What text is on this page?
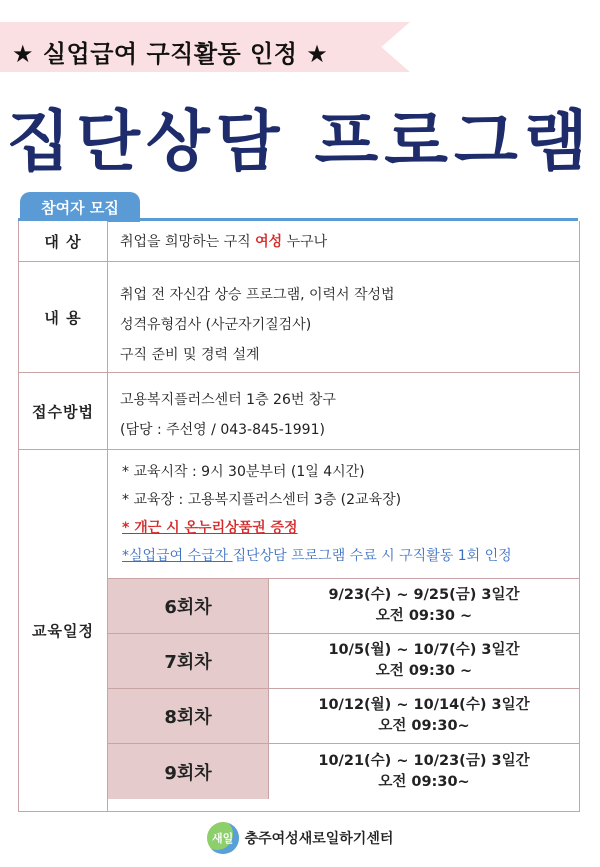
★ 실업급여 구직활동 인정 ★
집단상담 프로그램
참여자 모집
대 상	취업을 희망하는 구직 여성 누구나
내 용

취업 전 자신감 상승 프로그램, 이력서 작성법

성격유형검사 (사군자기질검사)

구직 준비 및 경력 설계

접수방법

고용복지플러스센터 1층 26번 창구

(담당 : 주선영 / 043-845-1991)

교육일정

* 교육시작 : 9시 30분부터 (1일 4시간)

* 교육장 : 고용복지플러스센터 3층 (2교육장)

* 개근 시 온누리상품권 증정

*실업급여 수급자 집단상담 프로그램 수료 시 구직활동 1회 인정

6회차
9/23(수) ~ 9/25(금) 3일간
오전 09:30 ~
7회차
10/5(월) ~ 10/7(수) 3일간
오전 09:30 ~
8회차
10/12(월) ~ 10/14(수) 3일간
오전 09:30~
9회차
10/21(수) ~ 10/23(금) 3일간
오전 09:30~
새일 충주여성새로일하기센터
